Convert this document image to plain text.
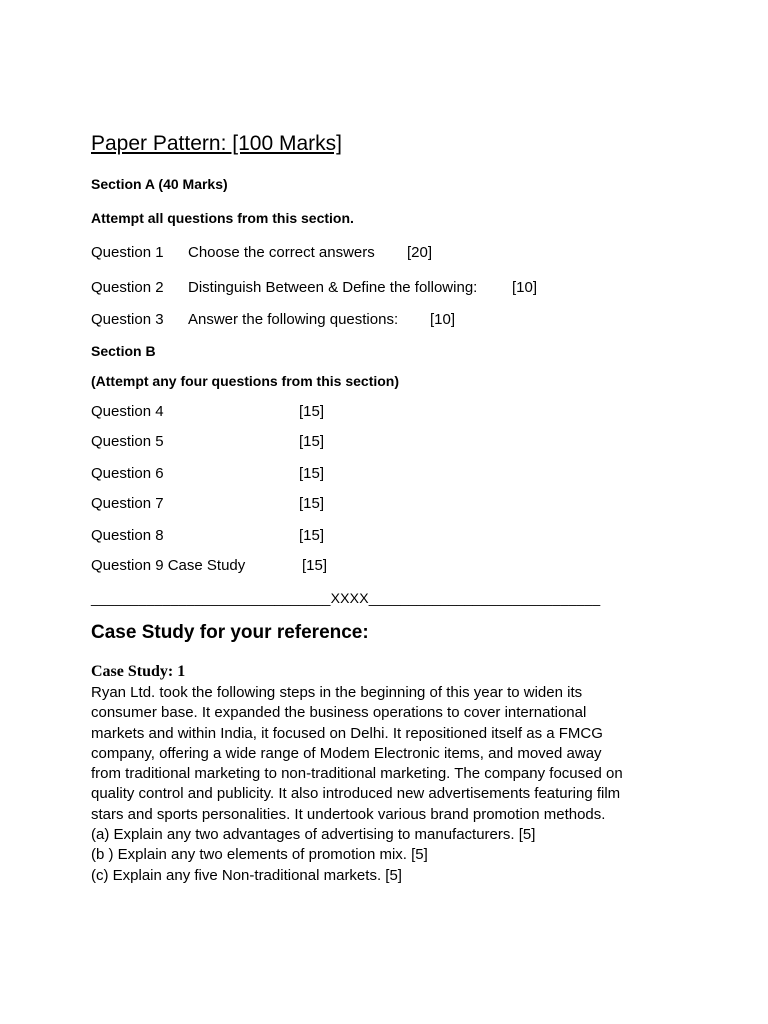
Paper Pattern: [100 Marks]
Section A (40 Marks)
Attempt all questions from this section.
Question 1 Choose the correct answers [20]
Question 2 Distinguish Between & Define the following: [10]
Question 3 Answer the following questions: [10]
Section B
(Attempt any four questions from this section)
Question 4	[15]
Question 5	[15]
Question 6	[15]
Question 7	[15]
Question 8	[15]
Question 9 Case Study	[15]
______________________________XXXX_____________________________
Case Study for your reference:
Case Study: 1
Ryan Ltd. took the following steps in the beginning of this year to widen its
consumer base. It expanded the business operations to cover international
markets and within India, it focused on Delhi. It repositioned itself as a FMCG
company, offering a wide range of Modem Electronic items, and moved away
from traditional marketing to non-traditional marketing. The company focused on
quality control and publicity. It also introduced new advertisements featuring film
stars and sports personalities. It undertook various brand promotion methods.
(a) Explain any two advantages of advertising to manufacturers. [5]
(b ) Explain any two elements of promotion mix. [5]
(c) Explain any five Non-traditional markets. [5]
